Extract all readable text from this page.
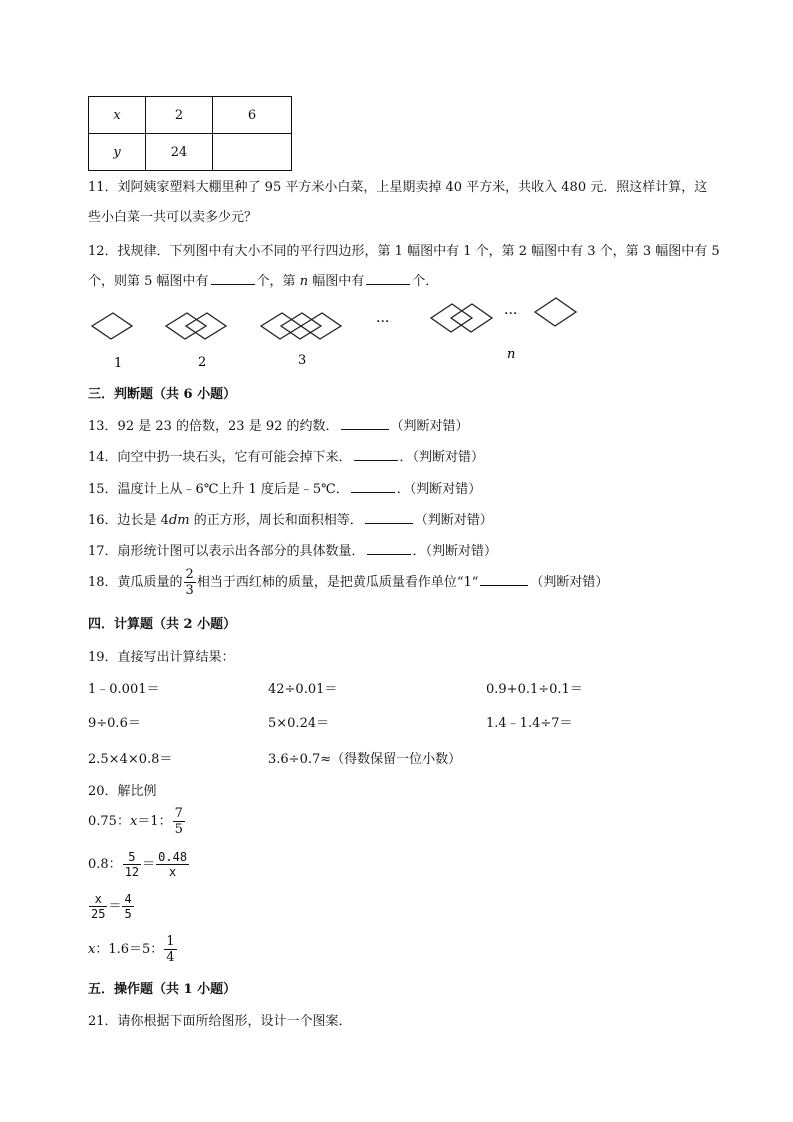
x	2	6
y	24	
11．刘阿姨家塑料大棚里种了 95 平方米小白菜，上星期卖掉 40 平方米，共收入 480 元．照这样计算，这
些小白菜一共可以卖多少元？
12．找规律．下列图中有大小不同的平行四边形，第 1 幅图中有 1 个，第 2 幅图中有 3 个，第 3 幅图中有 5
个，则第 5 幅图中有	个，第 n 幅图中有	个．
···	···
1	2	3	n
三．判断题（共 6 小题）
13．92 是 23 的倍数，23 是 92 的约数．	（判断对错）
14．向空中扔一块石头，它有可能会掉下来．	．（判断对错）
15．温度计上从﹣6℃上升 1 度后是﹣5℃．	．（判断对错）
16．边长是 4dm 的正方形，周长和面积相等．	（判断对错）
17．扇形统计图可以表示出各部分的具体数量．	．（判断对错）
18．黄瓜质量的 $\frac{2}{3}$ 相当于西红柿的质量，是把黄瓜质量看作单位“1“	（判断对错）
四．计算题（共 2 小题）
19．直接写出计算结果：
1﹣0.001＝	42÷0.01＝	0.9+0.1÷0.1＝
9÷0.6＝	5×0.24＝	1.4﹣1.4÷7＝
2.5×4×0.8＝	3.6÷0.7≈（得数保留一位小数）
20．解比例
0.75：x＝1： $\frac{7}{5}$
0.8： $\frac{5}{12} = \frac{0.48}{x}$
$\frac{x}{25} = \frac{4}{5}$
x：1.6＝5： $\frac{1}{4}$
五．操作题（共 1 小题）
21．请你根据下面所给图形，设计一个图案．
